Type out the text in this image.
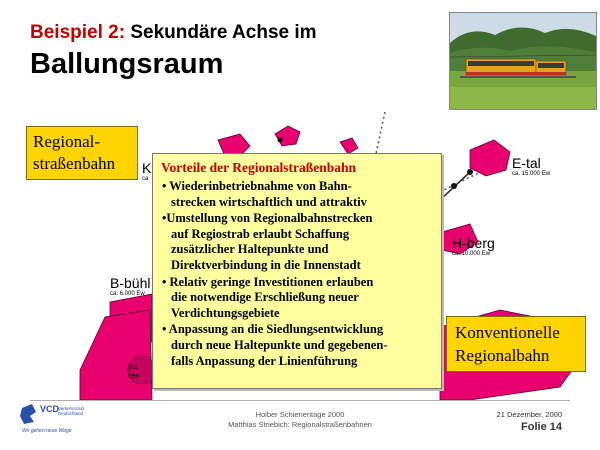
Beispiel 2: Sekundäre Achse im
Ballungsraum
Sta
zen
E-tal
ca. 15.000 Ew
H-berg
ca. 10.000 Ew
B-bühl
ca. 6.000 Ew
K
ca
Regional-
straßenbahn	Vorteile der Regionalstraßenbahn
• Wiederinbetriebnahme von Bahn-
strecken wirtschaftlich und attraktiv
•Umstellung von Regionalbahnstrecken
auf Regiostrab erlaubt Schaffung
zusätzlicher Haltepunkte und
Direktverbindung in die Innenstadt
• Relativ geringe Investitionen erlauben
die notwendige Erschließung neuer
Verdichtungsgebiete
• Anpassung an die Siedlungsentwicklung
durch neue Haltepunkte und gegebenen-
falls Anpassung der Linienführung
Konventionelle
Regionalbahn
VCD
Verkehrsclub
Deutschland
Wir gehen neue Wege
Hoiber Schienentage 2000
Matthias Striebich: Regionalstraßenbahnen
21 Dezember, 2000
Folie 14
